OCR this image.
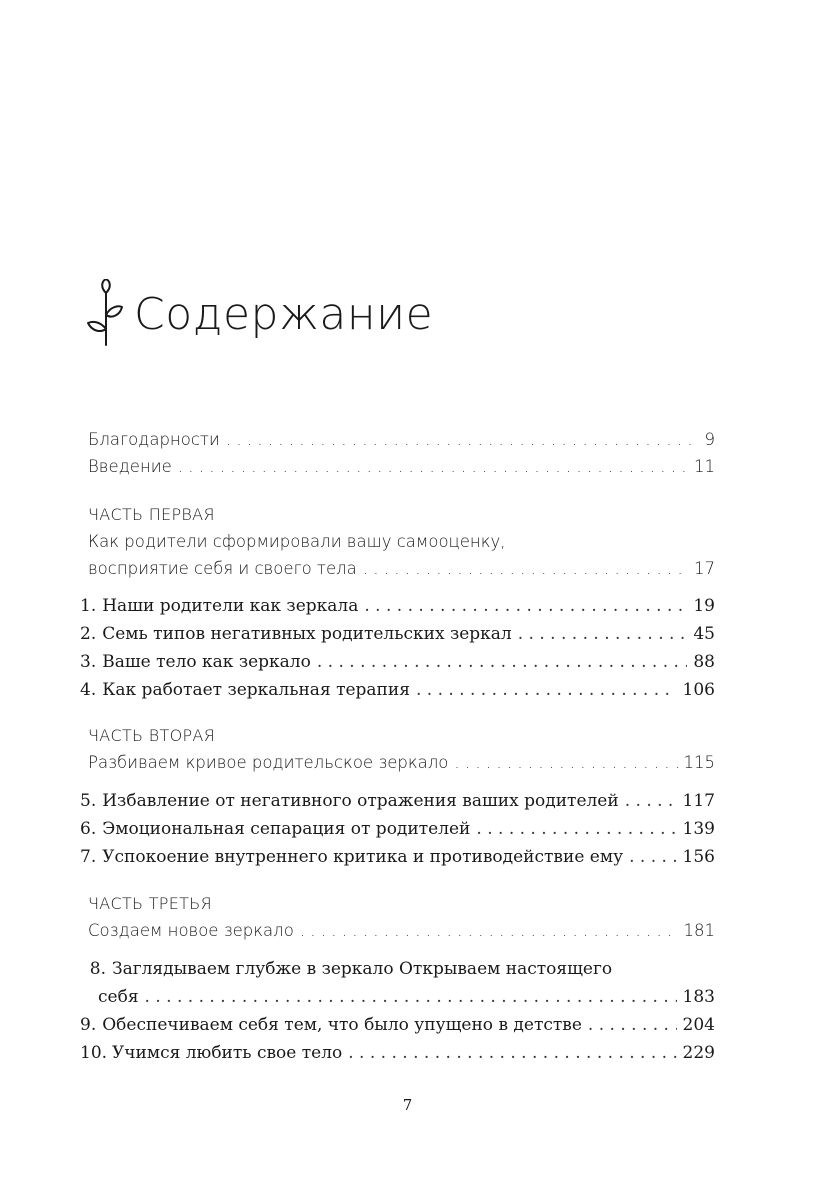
Содержание
Благодарности . . .	9
Введение . . .	11
ЧАСТЬ ПЕРВАЯ
Как родители сформировали вашу самооценку,
восприятие себя и своего тела . . .	17
1. Наши родители как зеркала . . .	19
2. Семь типов негативных родительских зеркал . . .	45
3. Ваше тело как зеркало . . .	88
4. Как работает зеркальная терапия . . .	106
ЧАСТЬ ВТОРАЯ
Разбиваем кривое родительское зеркало . . .	115
5. Избавление от негативного отражения ваших родителей . . .	117
6. Эмоциональная сепарация от родителей . . .	139
7. Успокоение внутреннего критика и противодействие ему . . .	156
ЧАСТЬ ТРЕТЬЯ
Создаем новое зеркало . . .	181
8. Заглядываем глубже в зеркало Открываем настоящего
себя . . .	183
9. Обеспечиваем себя тем, что было упущено в детстве . . .	204
10. Учимся любить свое тело . . .	229
7
